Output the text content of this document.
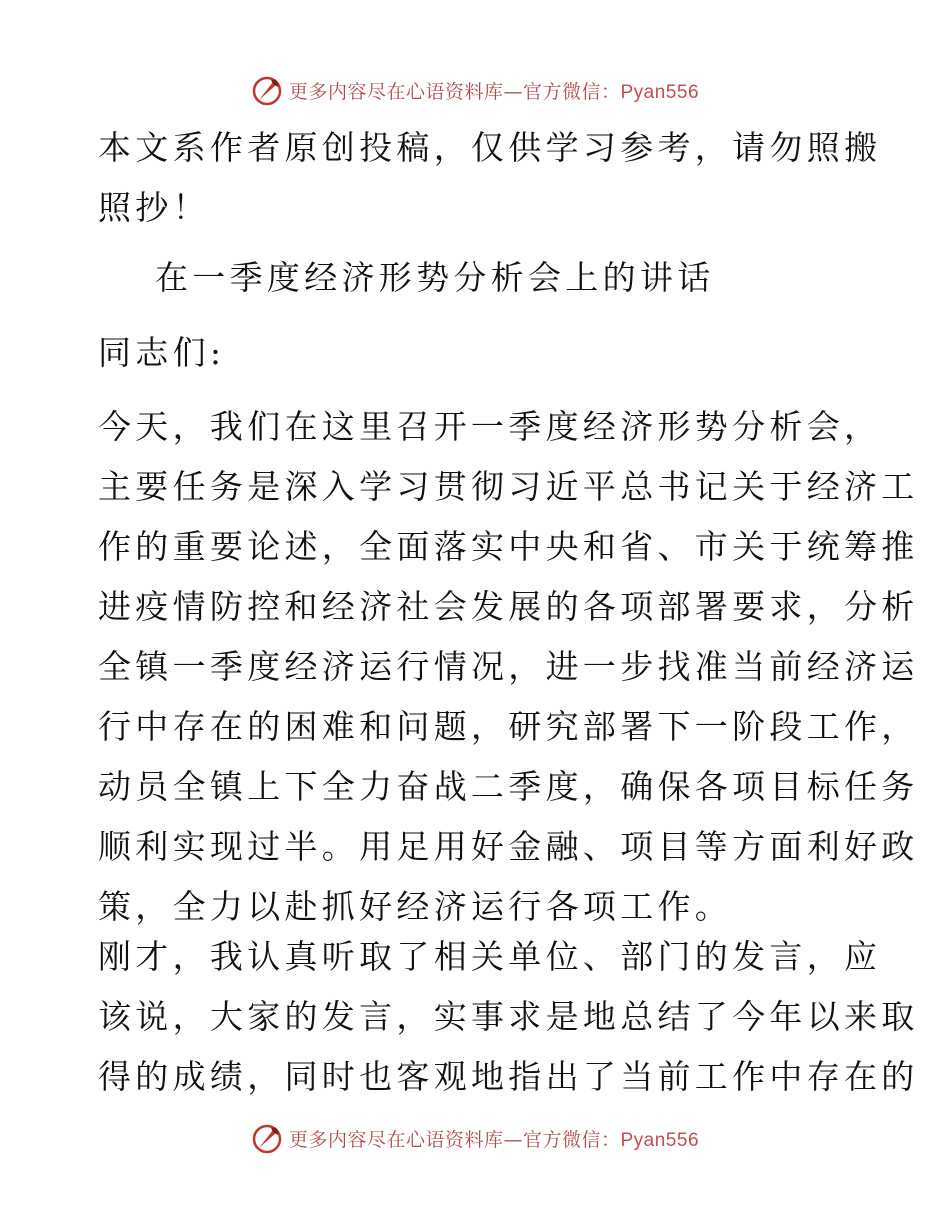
更多内容尽在心语资料库—官方微信：Pyan556
本文系作者原创投稿，仅供学习参考，请勿照搬
照抄！
在一季度经济形势分析会上的讲话
同志们:
今天，我们在这里召开一季度经济形势分析会，
主要任务是深入学习贯彻习近平总书记关于经济工
作的重要论述，全面落实中央和省、市关于统筹推
进疫情防控和经济社会发展的各项部署要求，分析
全镇一季度经济运行情况，进一步找准当前经济运
行中存在的困难和问题，研究部署下一阶段工作，
动员全镇上下全力奋战二季度，确保各项目标任务
顺利实现过半。用足用好金融、项目等方面利好政
策，全力以赴抓好经济运行各项工作。
刚才，我认真听取了相关单位、部门的发言，应
该说，大家的发言，实事求是地总结了今年以来取
得的成绩，同时也客观地指出了当前工作中存在的
更多内容尽在心语资料库—官方微信：Pyan556
